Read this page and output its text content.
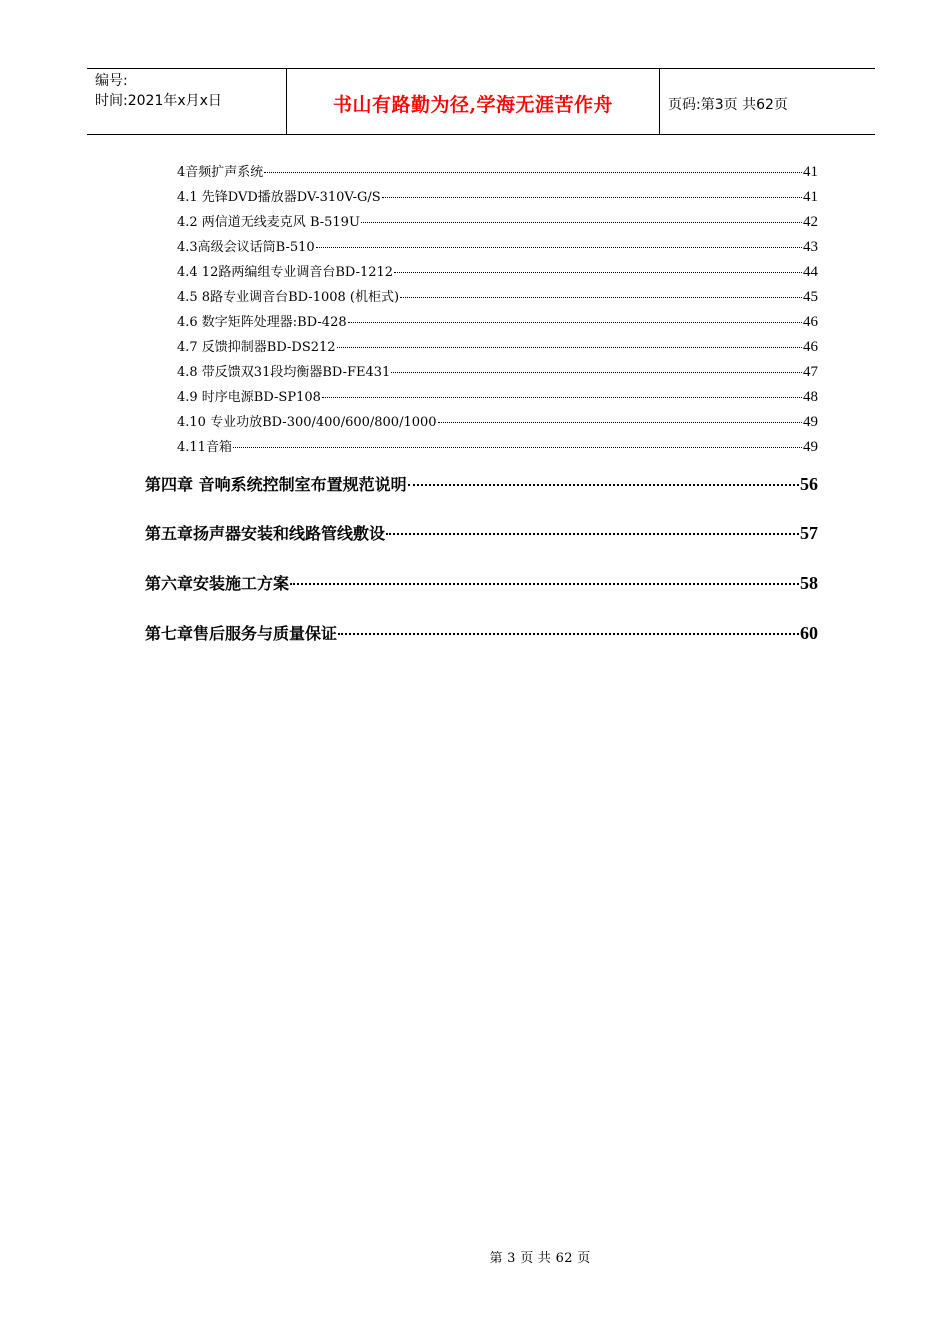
编号:
时间:2021年x月x日	书山有路勤为径,学海无涯苦作舟	页码:第3页 共62页
4音频扩声系统	41
4.1 先锋DVD播放器DV-310V-G/S	41
4.2 两信道无线麦克风 B-519U	42
4.3高级会议话筒B-510	43
4.4 12路两编组专业调音台BD-1212	44
4.5 8路专业调音台BD-1008 (机柜式)	45
4.6 数字矩阵处理器:BD-428	46
4.7 反馈抑制器BD-DS212	46
4.8 带反馈双31段均衡器BD-FE431	47
4.9 时序电源BD-SP108	48
4.10 专业功放BD-300/400/600/800/1000	49
4.11音箱	49
第四章 音响系统控制室布置规范说明	56
第五章扬声器安装和线路管线敷设	57
第六章安装施工方案	58
第七章售后服务与质量保证	60
第 3 页 共 62 页
